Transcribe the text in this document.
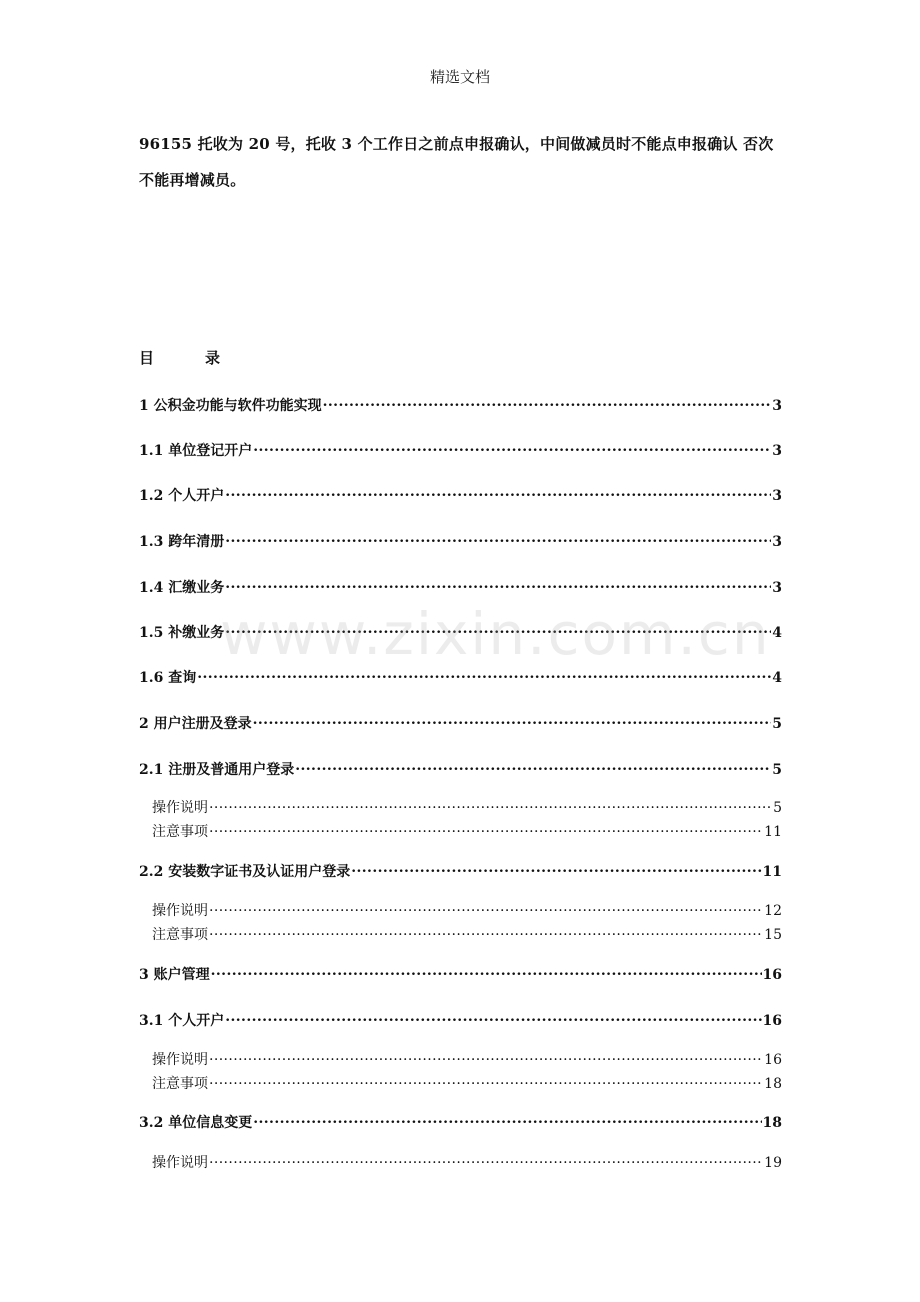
精选文档
96155 托收为 20 号，托收 3 个工作日之前点申报确认，中间做减员时不能点申报确认 否次不能再增减员。
目　录
1 公积金功能与软件功能实现 .....	3
1.1 单位登记开户 .....	3
1.2 个人开户 .....	3
1.3 跨年清册 .....	3
1.4 汇缴业务 .....	3
1.5 补缴业务 .....	4
1.6 查询 .....	4
2 用户注册及登录 .....	5
2.1 注册及普通用户登录 .....	5
操作说明 .....	5
注意事项 .....	11
2.2 安装数字证书及认证用户登录 .....	11
操作说明 .....	12
注意事项 .....	15
3 账户管理 .....	16
3.1 个人开户 .....	16
操作说明 .....	16
注意事项 .....	18
3.2 单位信息变更 .....	18
操作说明 .....	19
www.zixin.com.cn
